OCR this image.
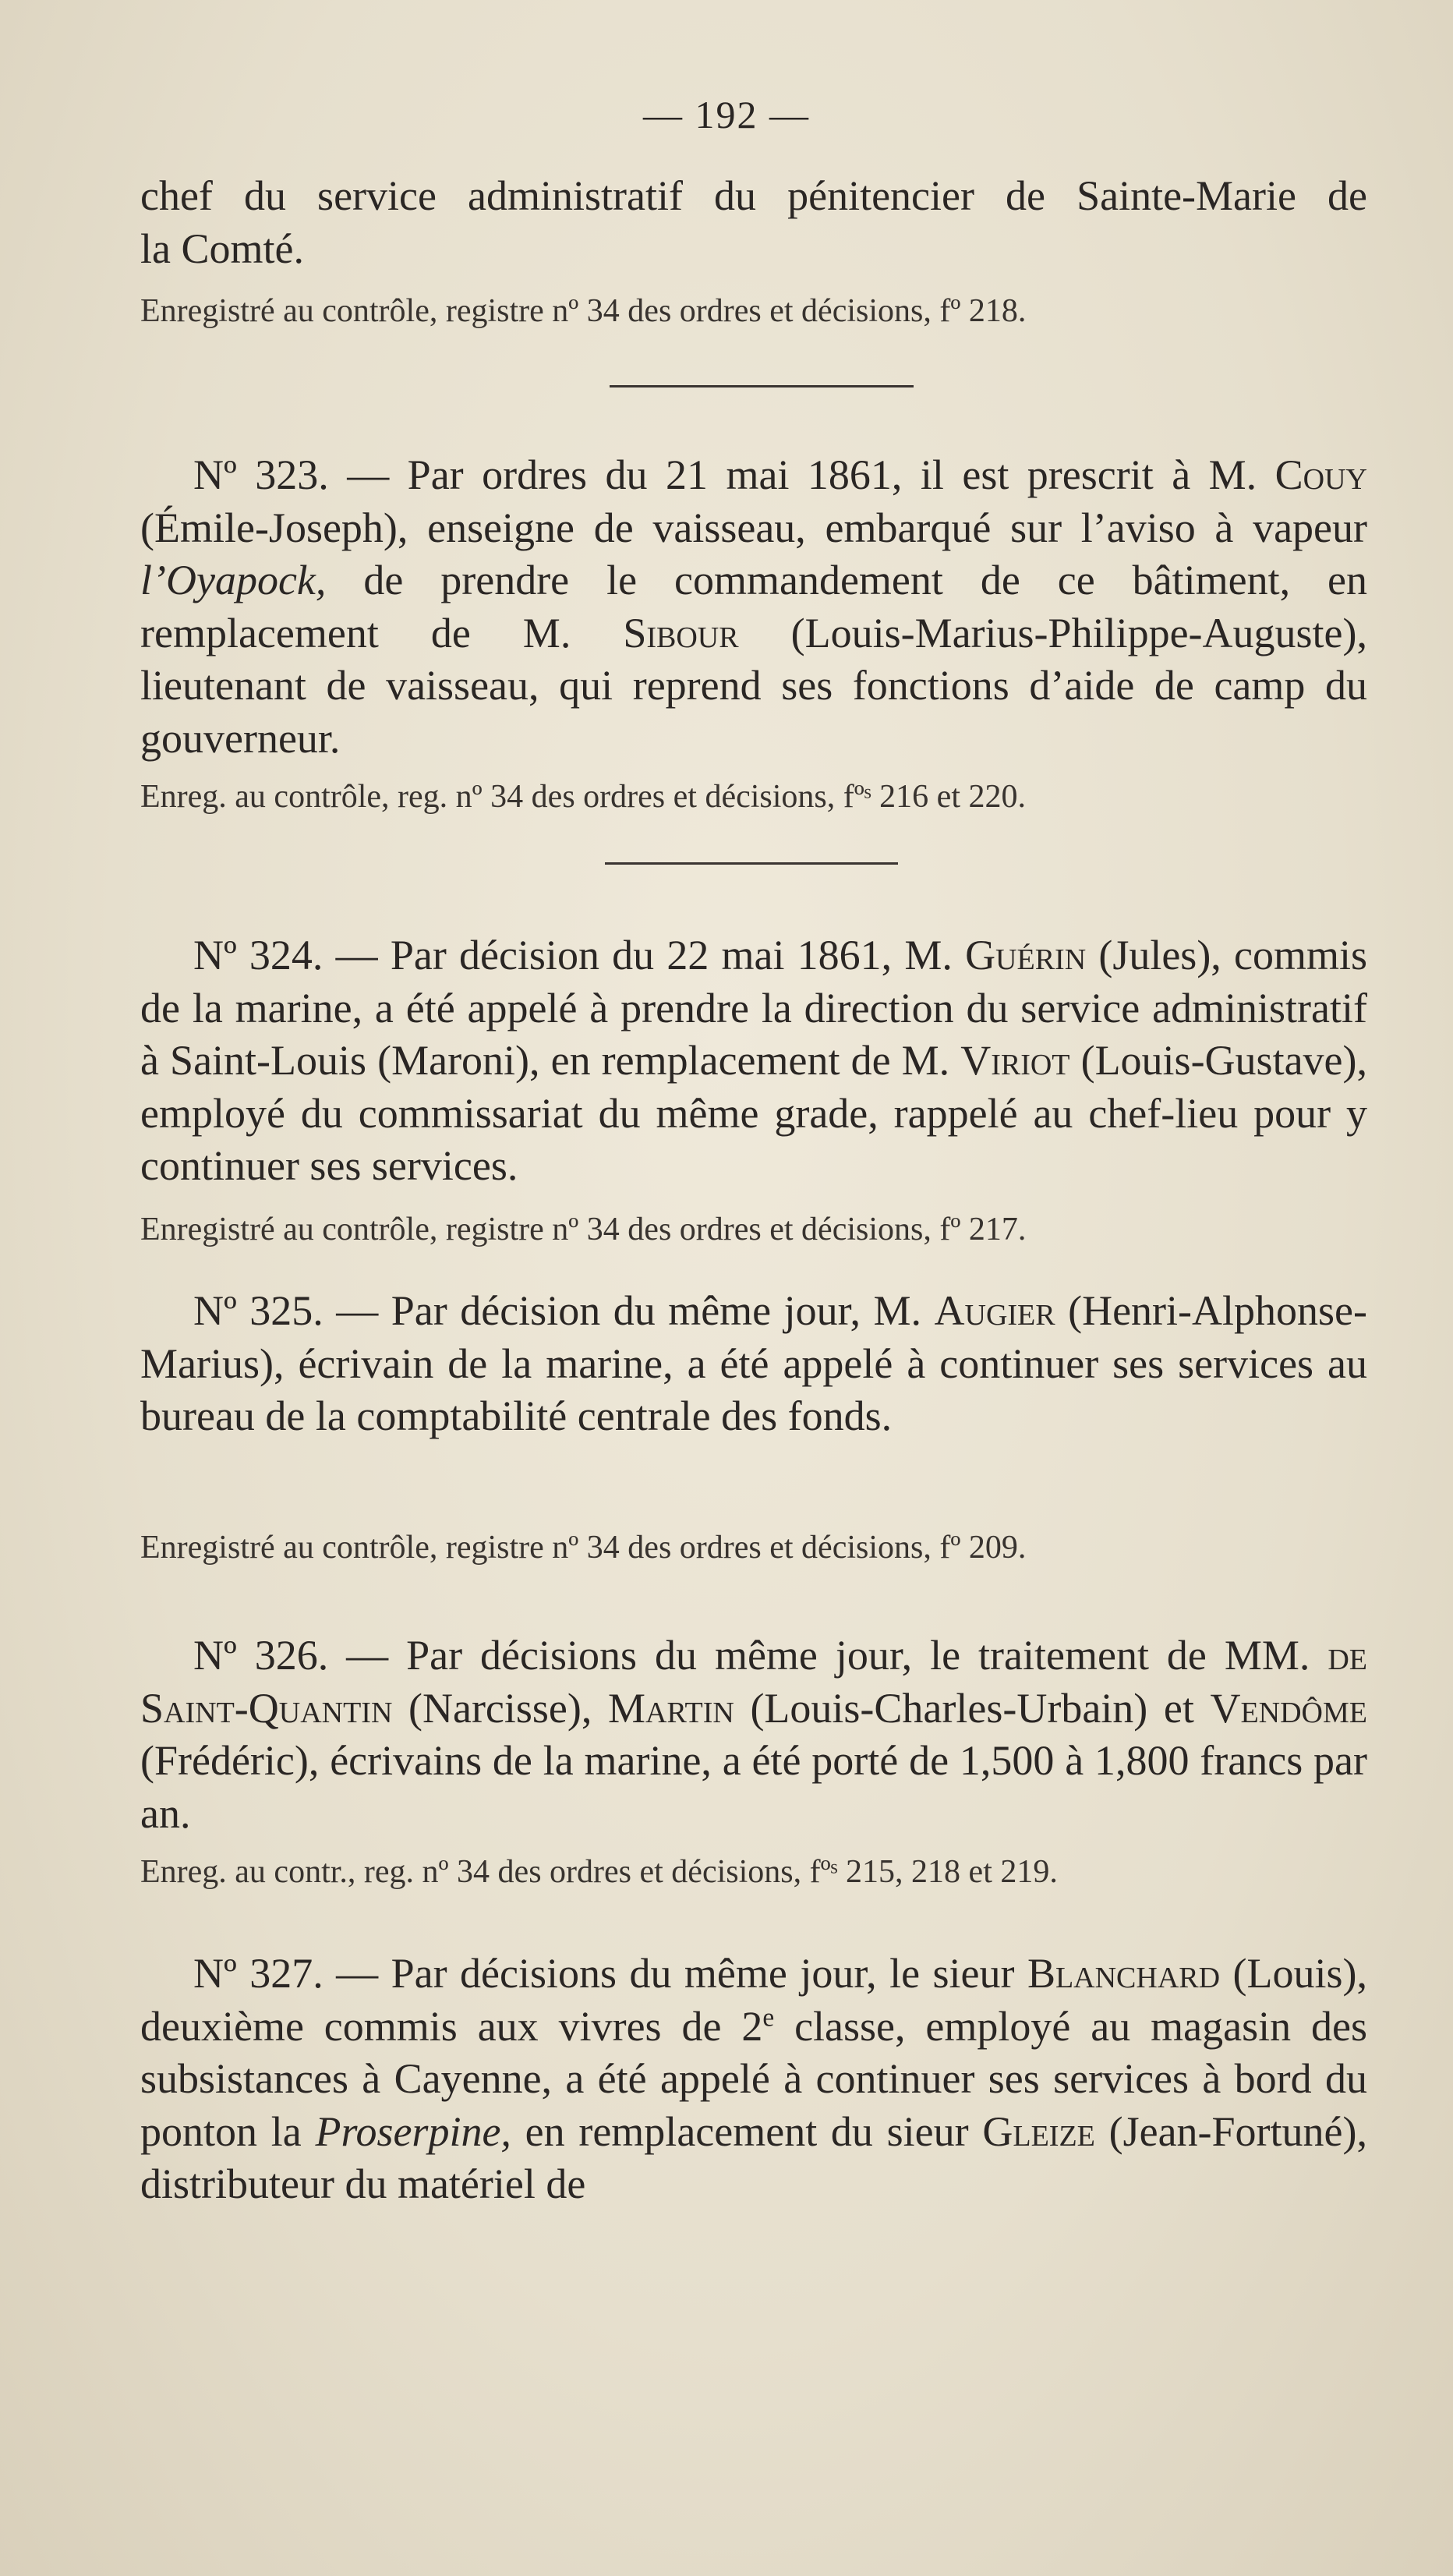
— 192 —

chef du service administratif du pénitencier de Sainte-Marie de
la Comté.

Enregistré au contrôle, registre nº 34 des ordres et décisions, fº 218.

Nº 323. — Par ordres du 21 mai 1861, il est prescrit à M. Couy (Émile-Joseph), enseigne de vaisseau, embarqué sur l’aviso à vapeur l’Oyapock, de prendre le commandement de ce bâtiment, en remplacement de M. Sibour (Louis-Marius-Philippe-Auguste), lieutenant de vaisseau, qui reprend ses fonctions d’aide de camp du gouverneur.

Enreg. au contrôle, reg. nº 34 des ordres et décisions, fºˢ 216 et 220.

Nº 324. — Par décision du 22 mai 1861, M. Guérin (Jules), commis de la marine, a été appelé à prendre la direction du service administratif à Saint-Louis (Maroni), en remplacement de M. Viriot (Louis-Gustave), employé du commissariat du même grade, rappelé au chef-lieu pour y continuer ses services.

Enregistré au contrôle, registre nº 34 des ordres et décisions, fº 217.

Nº 325. — Par décision du même jour, M. Augier (Henri-Alphonse-Marius), écrivain de la marine, a été appelé à continuer ses services au bureau de la comptabilité centrale des fonds.

Enregistré au contrôle, registre nº 34 des ordres et décisions, fº 209.

Nº 326. — Par décisions du même jour, le traitement de MM. de Saint-Quantin (Narcisse), Martin (Louis-Charles-Urbain) et Vendôme (Frédéric), écrivains de la marine, a été porté de 1,500 à 1,800 francs par an.

Enreg. au contr., reg. nº 34 des ordres et décisions, fºˢ 215, 218 et 219.

Nº 327. — Par décisions du même jour, le sieur Blanchard (Louis), deuxième commis aux vivres de 2e classe, employé au magasin des subsistances à Cayenne, a été appelé à continuer ses services à bord du ponton la Proserpine, en remplacement du sieur Gleize (Jean-Fortuné), distributeur du matériel de
